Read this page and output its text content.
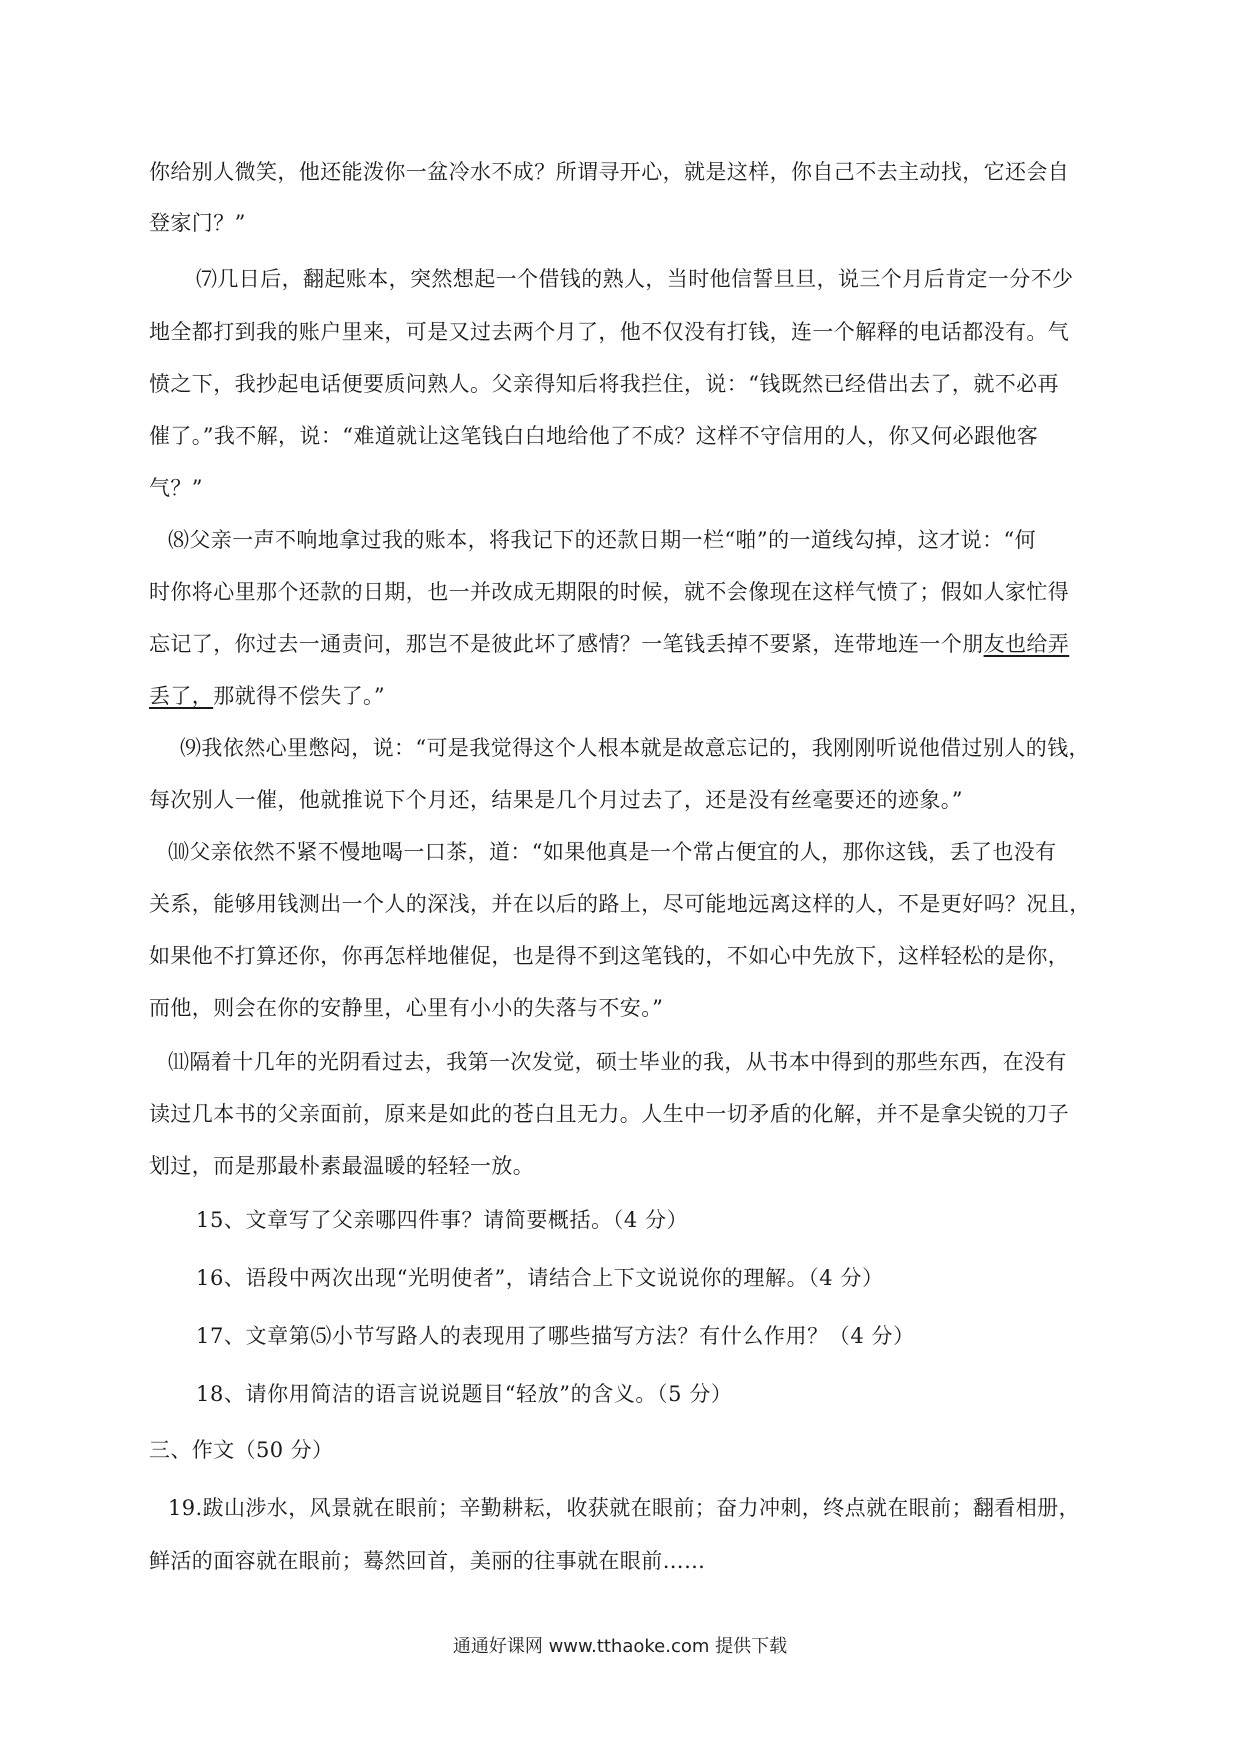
你给别人微笑，他还能泼你一盆冷水不成？所谓寻开心，就是这样，你自己不去主动找，它还会自
登家门？”
⑺几日后，翻起账本，突然想起一个借钱的熟人，当时他信誓旦旦，说三个月后肯定一分不少
地全都打到我的账户里来，可是又过去两个月了，他不仅没有打钱，连一个解释的电话都没有。气
愤之下，我抄起电话便要质问熟人。父亲得知后将我拦住，说：“钱既然已经借出去了，就不必再
催了。”我不解，说：“难道就让这笔钱白白地给他了不成？这样不守信用的人，你又何必跟他客
气？”
⑻父亲一声不响地拿过我的账本，将我记下的还款日期一栏“啪”的一道线勾掉，这才说：“何
时你将心里那个还款的日期，也一并改成无期限的时候，就不会像现在这样气愤了；假如人家忙得
忘记了，你过去一通责问，那岂不是彼此坏了感情？一笔钱丢掉不要紧，连带地连一个朋友也给弄
丢了，那就得不偿失了。”
⑼我依然心里憋闷，说：“可是我觉得这个人根本就是故意忘记的，我刚刚听说他借过别人的钱，
每次别人一催，他就推说下个月还，结果是几个月过去了，还是没有丝毫要还的迹象。”
⑽父亲依然不紧不慢地喝一口茶，道：“如果他真是一个常占便宜的人，那你这钱，丢了也没有
关系，能够用钱测出一个人的深浅，并在以后的路上，尽可能地远离这样的人，不是更好吗？况且，
如果他不打算还你，你再怎样地催促，也是得不到这笔钱的，不如心中先放下，这样轻松的是你，
而他，则会在你的安静里，心里有小小的失落与不安。”
⑾隔着十几年的光阴看过去，我第一次发觉，硕士毕业的我，从书本中得到的那些东西，在没有
读过几本书的父亲面前，原来是如此的苍白且无力。人生中一切矛盾的化解，并不是拿尖锐的刀子
划过，而是那最朴素最温暖的轻轻一放。
15、文章写了父亲哪四件事？请简要概括。（4 分）
16、语段中两次出现“光明使者”，请结合上下文说说你的理解。（4 分）
17、文章第⑸小节写路人的表现用了哪些描写方法？有什么作用？（4 分）
18、请你用简洁的语言说说题目“轻放”的含义。（5 分）
三、作文（50 分）
19.跋山涉水，风景就在眼前；辛勤耕耘，收获就在眼前；奋力冲刺，终点就在眼前；翻看相册，
鲜活的面容就在眼前；蓦然回首，美丽的往事就在眼前……
通通好课网 www.tthaoke.com 提供下载
